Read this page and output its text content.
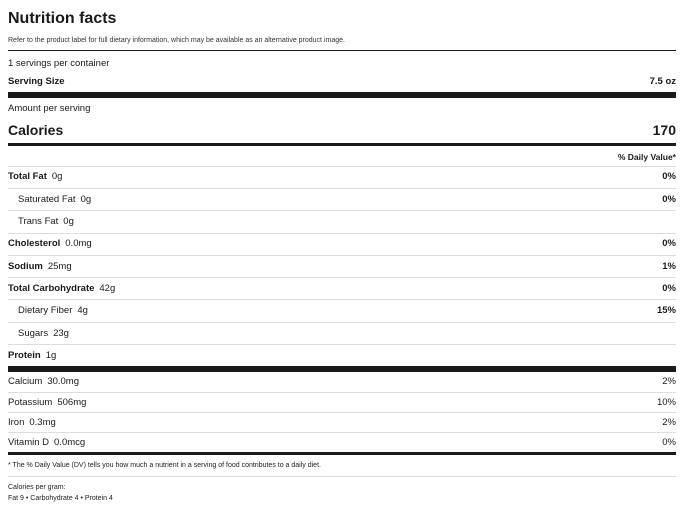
Nutrition facts
Refer to the product label for full dietary information, which may be available as an alternative product image.
1 servings per container
Serving Size	7.5 oz
Amount per serving
Calories	170
% Daily Value*
Total Fat 0g	0%
Saturated Fat 0g	0%
Trans Fat 0g
Cholesterol 0.0mg	0%
Sodium 25mg	1%
Total Carbohydrate 42g	0%
Dietary Fiber 4g	15%
Sugars 23g
Protein 1g
Calcium 30.0mg	2%
Potassium 506mg	10%
Iron 0.3mg	2%
Vitamin D 0.0mcg	0%
* The % Daily Value (DV) tells you how much a nutrient in a serving of food contributes to a daily diet.
Calories per gram:
Fat 9 • Carbohydrate 4 • Protein 4
